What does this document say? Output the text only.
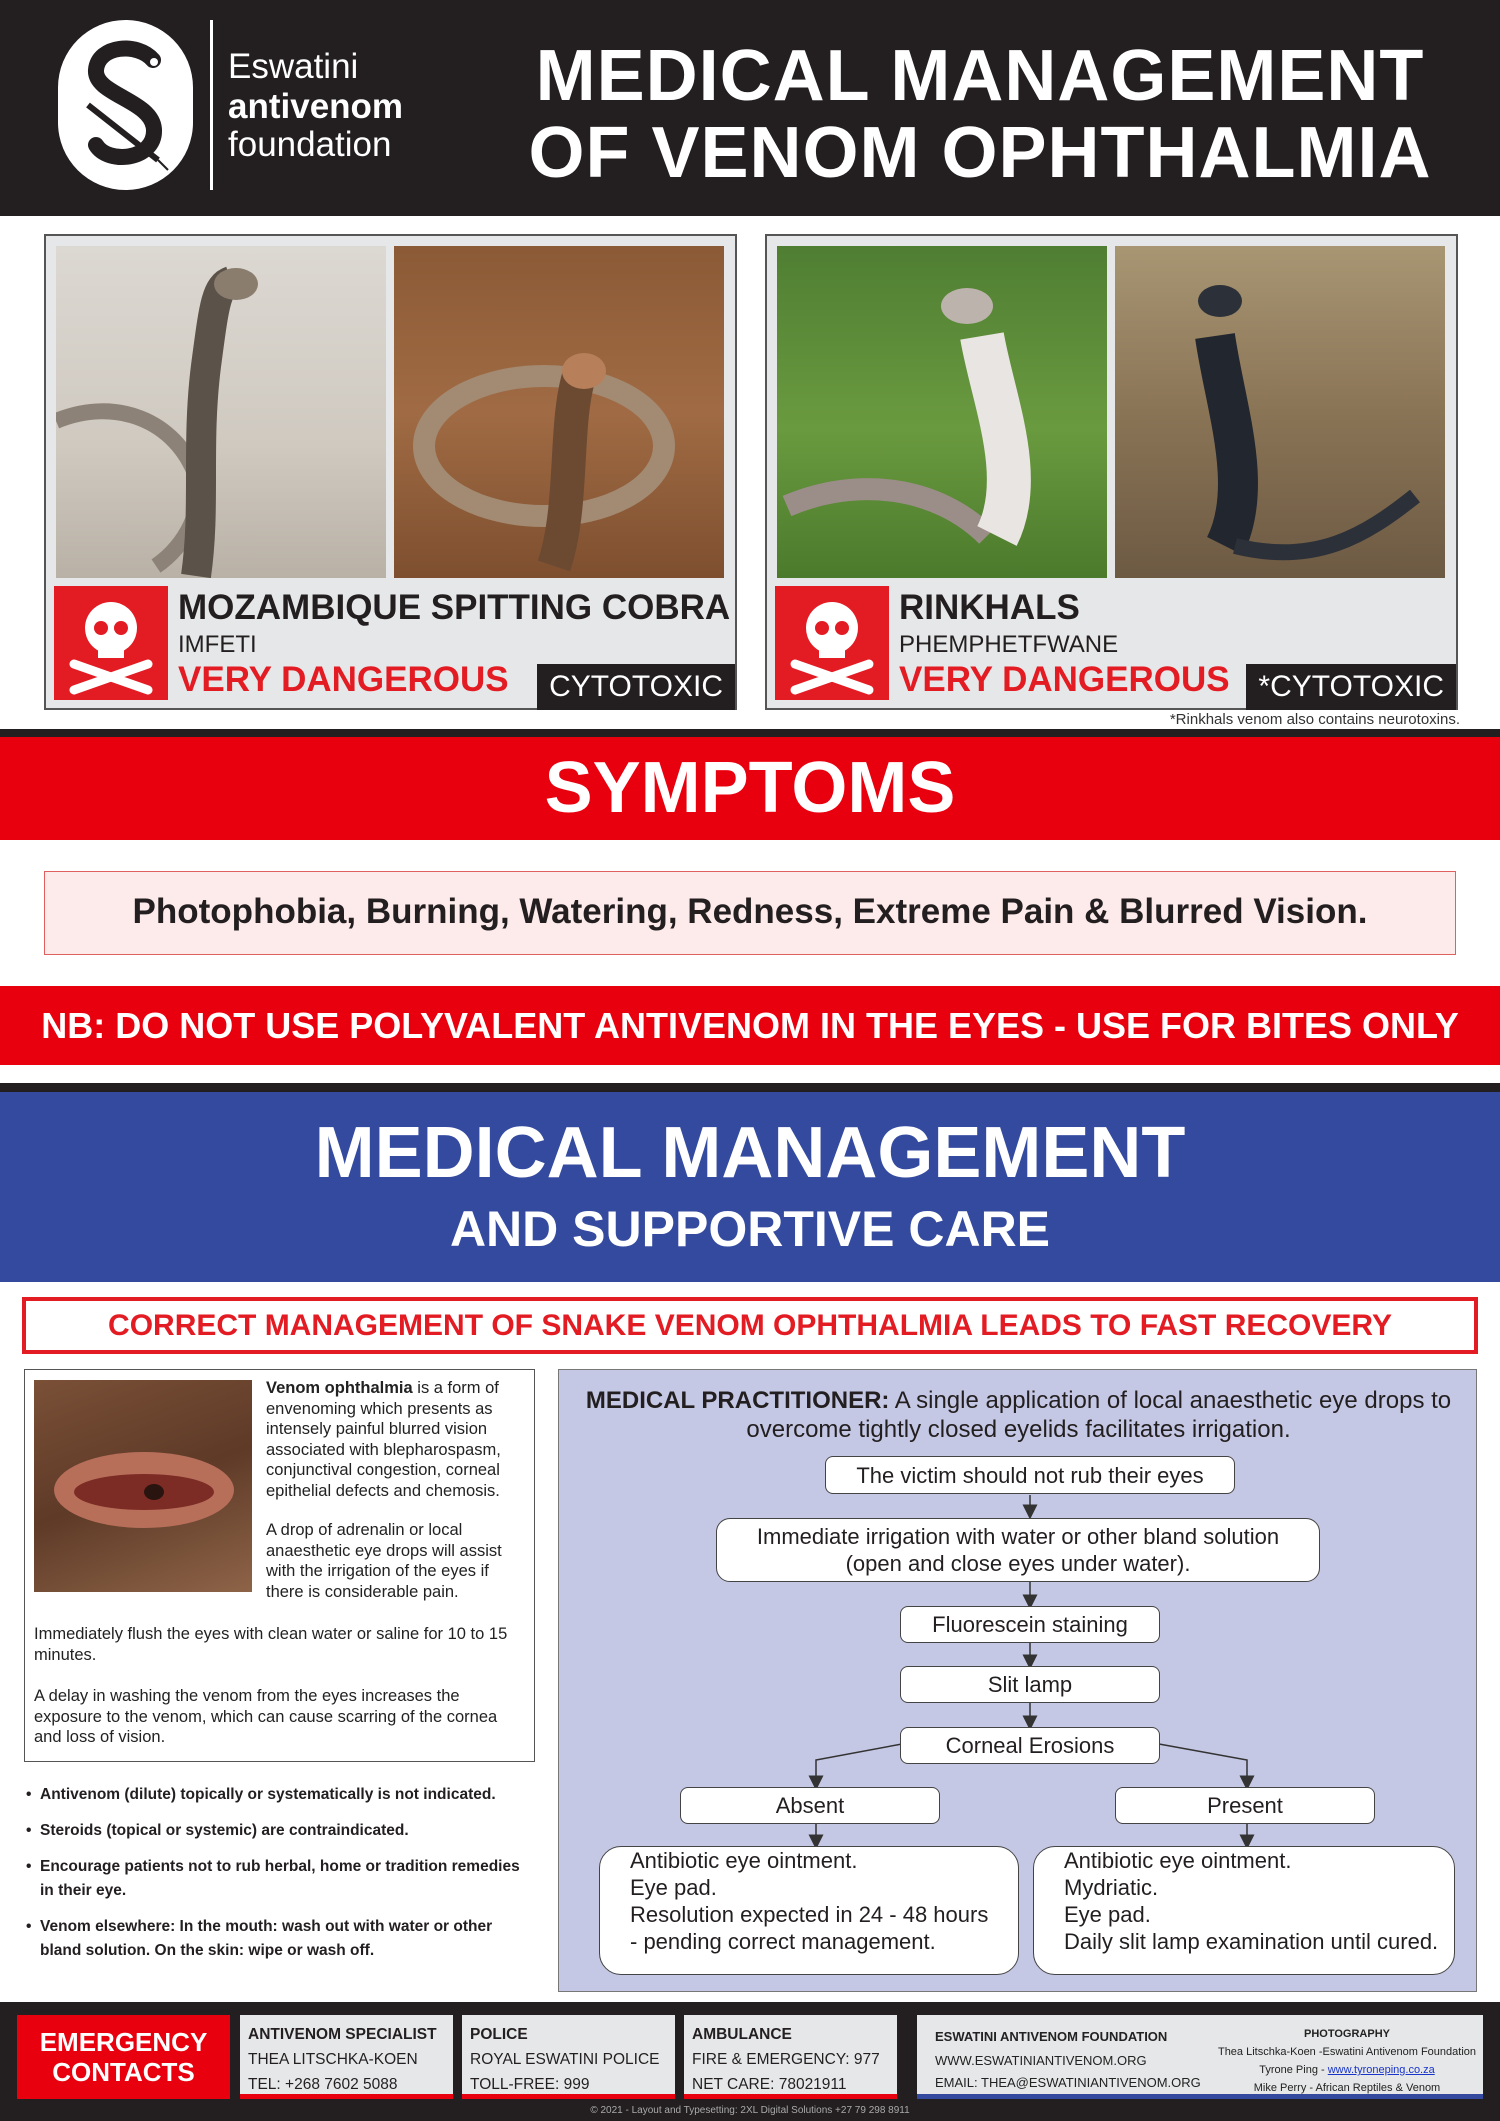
Eswatini
antivenom
foundation
MEDICAL MANAGEMENT
OF VENOM OPHTHALMIA
MOZAMBIQUE SPITTING COBRA
IMFETI
VERY DANGEROUS	CYTOTOXIC
RINKHALS
PHEMPHETFWANE
VERY DANGEROUS *CYTOTOXIC
*Rinkhals venom also contains neurotoxins.
SYMPTOMS
Photophobia, Burning, Watering, Redness, Extreme Pain & Blurred Vision.
NB: DO NOT USE POLYVALENT ANTIVENOM IN THE EYES - USE FOR BITES ONLY
MEDICAL MANAGEMENT
AND SUPPORTIVE CARE
CORRECT MANAGEMENT OF SNAKE VENOM OPHTHALMIA LEADS TO FAST RECOVERY
Venom ophthalmia is a form of envenoming which presents as intensely painful blurred vision associated with blepharospasm, conjunctival congestion, corneal epithelial defects and chemosis.
A drop of adrenalin or local anaesthetic eye drops will assist with the irrigation of the eyes if there is considerable pain.
Immediately flush the eyes with clean water or saline for 10 to 15 minutes.
A delay in washing the venom from the eyes increases the exposure to the venom, which can cause scarring of the cornea and loss of vision.
• Antivenom (dilute) topically or systematically is not indicated.
• Steroids (topical or systemic) are contraindicated.
• Encourage patients not to rub herbal, home or tradition remedies in their eye.
• Venom elsewhere: In the mouth: wash out with water or other bland solution. On the skin: wipe or wash off.
MEDICAL PRACTITIONER: A single application of local anaesthetic eye drops to overcome tightly closed eyelids facilitates irrigation.
The victim should not rub their eyes
Immediate irrigation with water or other bland solution
(open and close eyes under water).
Fluorescein staining
Slit lamp
Corneal Erosions
Absent	Present
Antibiotic eye ointment.
Eye pad.
Resolution expected in 24 - 48 hours
- pending correct management.
Antibiotic eye ointment.
Mydriatic.
Eye pad.
Daily slit lamp examination until cured.
EMERGENCY
CONTACTS
ANTIVENOM SPECIALIST
THEA LITSCHKA-KOEN
TEL: +268 7602 5088
POLICE
ROYAL ESWATINI POLICE
TOLL-FREE: 999
AMBULANCE
FIRE & EMERGENCY: 977
NET CARE: 78021911
ESWATINI ANTIVENOM FOUNDATION
WWW.ESWATINIANTIVENOM.ORG
EMAIL: THEA@ESWATINIANTIVENOM.ORG
PHOTOGRAPHY
Thea Litschka-Koen -Eswatini Antivenom Foundation
Tyrone Ping - www.tyroneping.co.za
Mike Perry - African Reptiles & Venom
© 2021 - Layout and Typesetting: 2XL Digital Solutions +27 79 298 8911
